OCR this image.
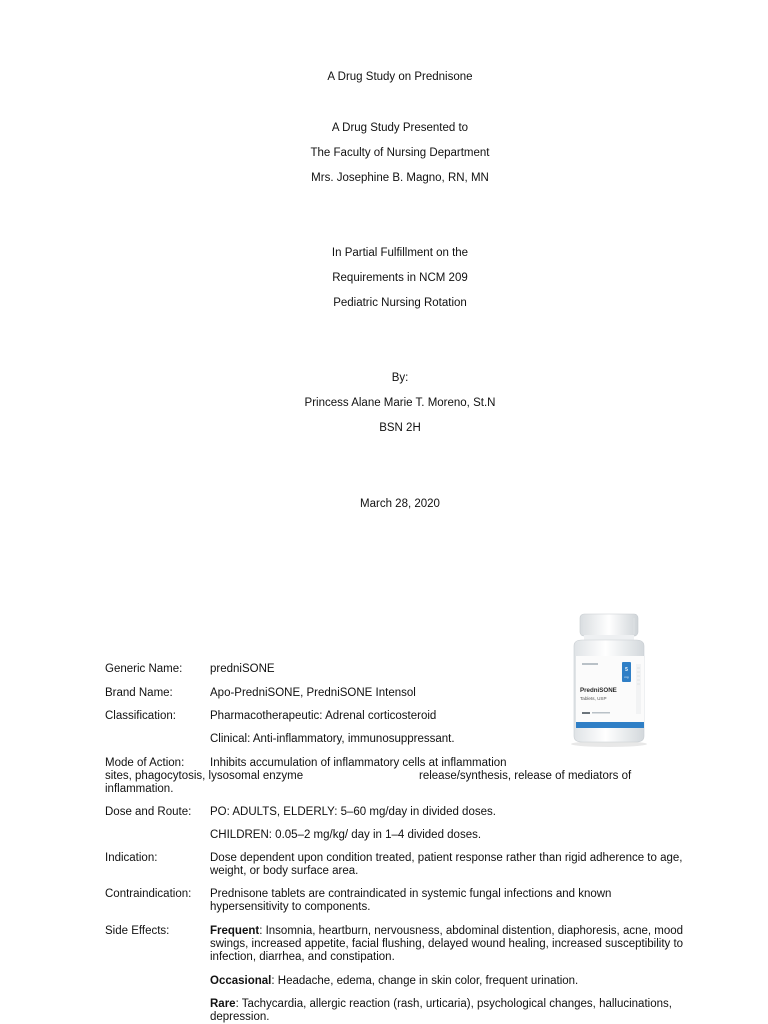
A Drug Study on Prednisone
A Drug Study Presented to
The Faculty of Nursing Department
Mrs. Josephine B. Magno, RN, MN
In Partial Fulfillment on the
Requirements in NCM 209
Pediatric Nursing Rotation
By:
Princess Alane Marie T. Moreno, St.N
BSN 2H
March 28, 2020
5
mg
PredniSONE
Tablets, USP
Generic Name: predniSONE
Brand Name:	Apo-PredniSONE, PredniSONE Intensol
Classification:	Pharmacotherapeutic: Adrenal corticosteroid
Clinical: Anti-inflammatory, immunosuppressant.
Mode of Action: Inhibits accumulation of inflammatory cells at inflammation
sites, phagocytosis, lysosomal enzyme	release/synthesis, release of mediators of
inflammation.
Dose and Route: PO: ADULTS, ELDERLY: 5–60 mg/day in divided doses.
CHILDREN: 0.05–2 mg/kg/ day in 1–4 divided doses.
Indication:	Dose dependent upon condition treated, patient response rather than rigid adherence to age, weight, or body surface area.
Contraindication: Prednisone tablets are contraindicated in systemic fungal infections and known hypersensitivity to components.
Side Effects:	Frequent: Insomnia, heartburn, nervousness, abdominal distention, diaphoresis, acne, mood swings, increased appetite, facial flushing, delayed wound healing, increased susceptibility to infection, diarrhea, and constipation.
Occasional: Headache, edema, change in skin color, frequent urination.
Rare: Tachycardia, allergic reaction (rash, urticaria), psychological changes, hallucinations, depression.
